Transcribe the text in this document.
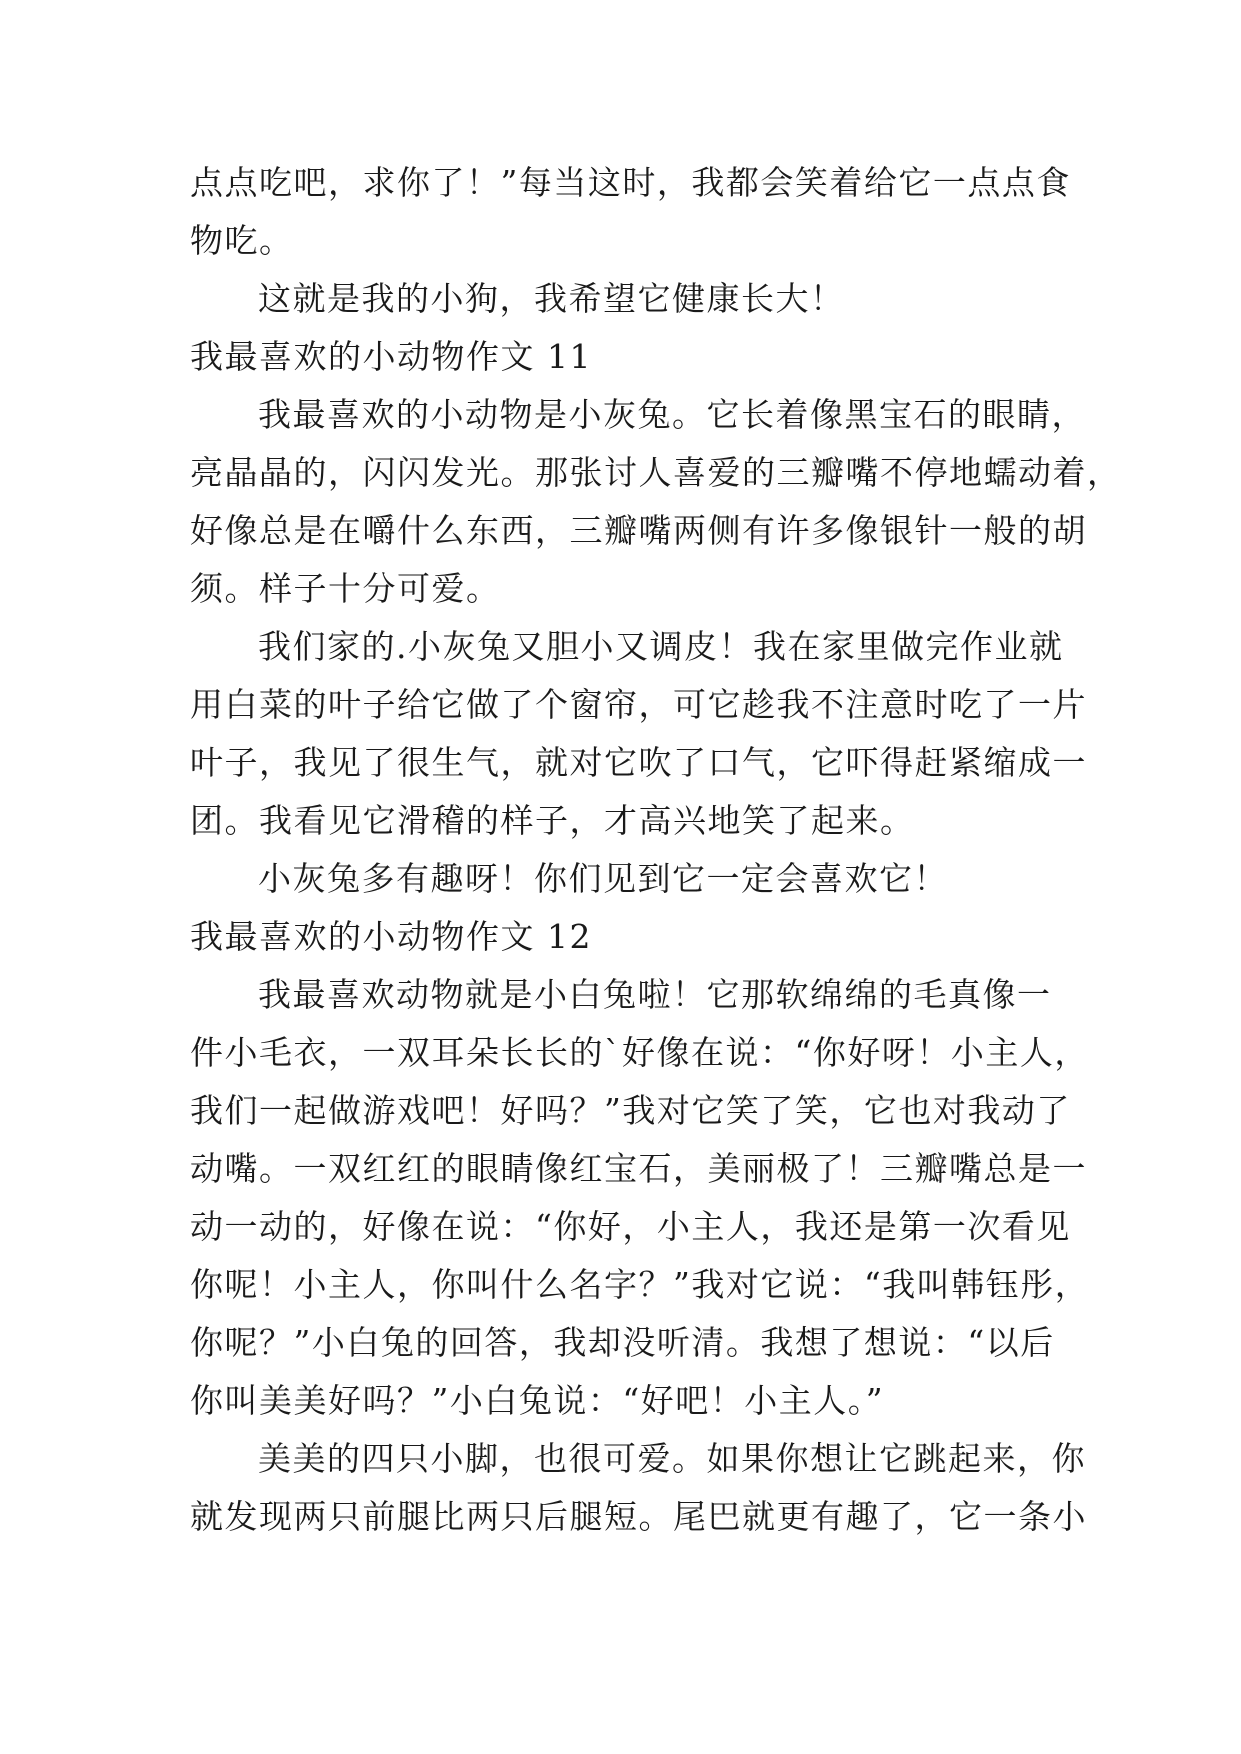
点点吃吧，求你了！”每当这时，我都会笑着给它一点点食
物吃。
这就是我的小狗，我希望它健康长大！
我最喜欢的小动物作文 11
我最喜欢的小动物是小灰兔。它长着像黑宝石的眼睛，
亮晶晶的，闪闪发光。那张讨人喜爱的三瓣嘴不停地蠕动着，
好像总是在嚼什么东西，三瓣嘴两侧有许多像银针一般的胡
须。样子十分可爱。
我们家的.小灰兔又胆小又调皮！我在家里做完作业就
用白菜的叶子给它做了个窗帘，可它趁我不注意时吃了一片
叶子，我见了很生气，就对它吹了口气，它吓得赶紧缩成一
团。我看见它滑稽的样子，才高兴地笑了起来。
小灰兔多有趣呀！你们见到它一定会喜欢它！
我最喜欢的小动物作文 12
我最喜欢动物就是小白兔啦！它那软绵绵的毛真像一
件小毛衣，一双耳朵长长的`好像在说：“你好呀！小主人，
我们一起做游戏吧！好吗？”我对它笑了笑，它也对我动了
动嘴。一双红红的眼睛像红宝石，美丽极了！三瓣嘴总是一
动一动的，好像在说：“你好，小主人，我还是第一次看见
你呢！小主人，你叫什么名字？”我对它说：“我叫韩钰彤，
你呢？”小白兔的回答，我却没听清。我想了想说：“以后
你叫美美好吗？”小白兔说：“好吧！小主人。”
美美的四只小脚，也很可爱。如果你想让它跳起来，你
就发现两只前腿比两只后腿短。尾巴就更有趣了，它一条小
